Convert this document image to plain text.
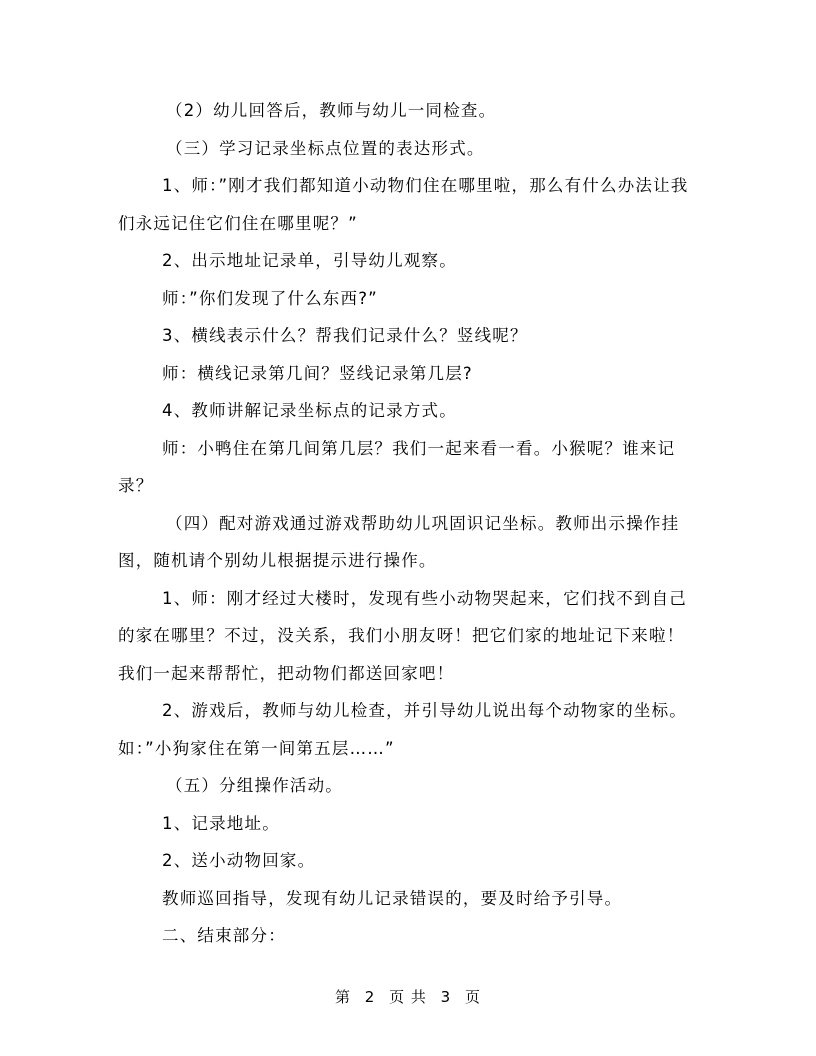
（2）幼儿回答后，教师与幼儿一同检查。

（三）学习记录坐标点位置的表达形式。

1、师：”刚才我们都知道小动物们住在哪里啦，那么有什么办法让我们永远记住它们住在哪里呢？”

2、出示地址记录单，引导幼儿观察。

师：”你们发现了什么东西?”

3、横线表示什么？帮我们记录什么？竖线呢？

师：横线记录第几间？竖线记录第几层?

4、教师讲解记录坐标点的记录方式。

师：小鸭住在第几间第几层？我们一起来看一看。小猴呢？谁来记录？

（四）配对游戏通过游戏帮助幼儿巩固识记坐标。教师出示操作挂图，随机请个别幼儿根据提示进行操作。

1、师：刚才经过大楼时，发现有些小动物哭起来，它们找不到自己的家在哪里？不过，没关系，我们小朋友呀！把它们家的地址记下来啦！我们一起来帮帮忙，把动物们都送回家吧！

2、游戏后，教师与幼儿检查，并引导幼儿说出每个动物家的坐标。如：”小狗家住在第一间第五层……”

（五）分组操作活动。

1、记录地址。

2、送小动物回家。

教师巡回指导，发现有幼儿记录错误的，要及时给予引导。

二、结束部分：

第 2 页 共 3 页
